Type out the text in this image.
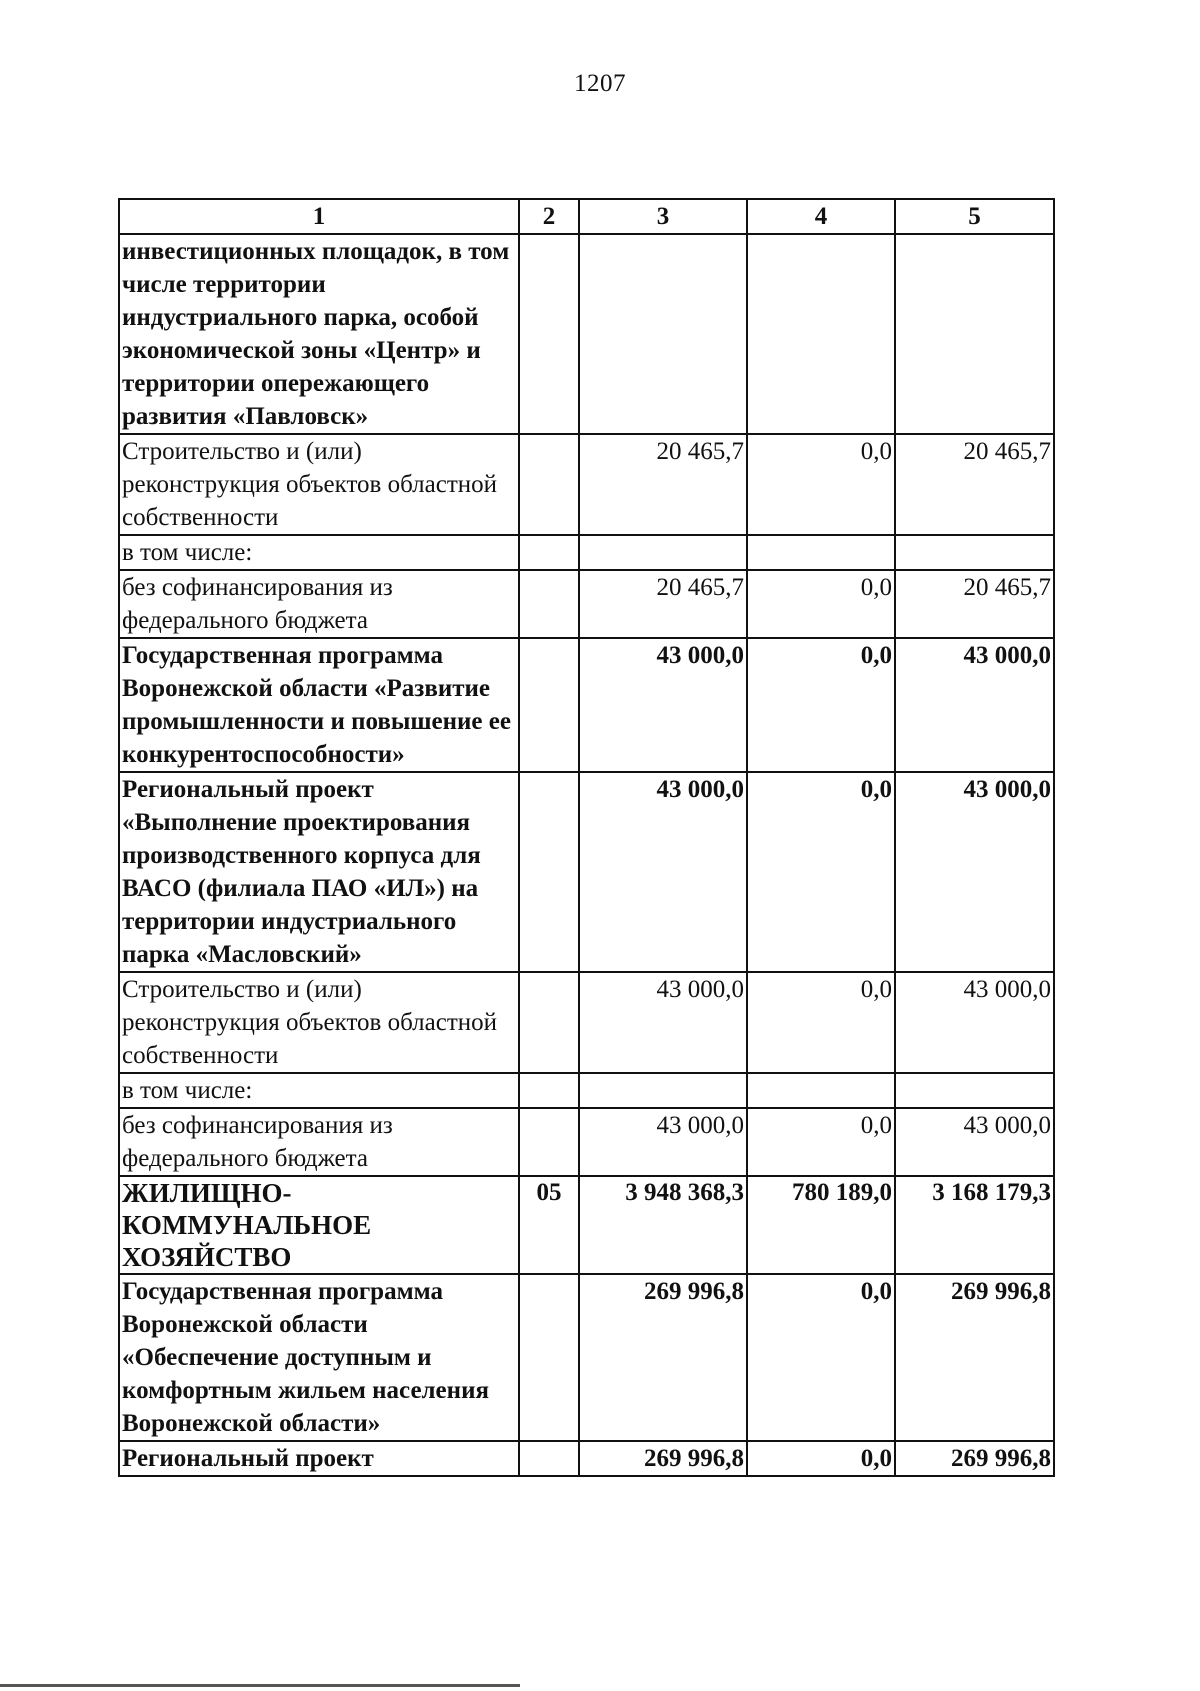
1207
1	2	3	4	5
инвестиционных площадок, в том числе территории индустриального парка, особой экономической зоны «Центр» и территории опережающего развития «Павловск»				
Строительство и (или) реконструкция объектов областной собственности		20 465,7	0,0	20 465,7
в том числе:				
без софинансирования из федерального бюджета		20 465,7	0,0	20 465,7
Государственная программа Воронежской области «Развитие промышленности и повышение ее конкурентоспособности»		43 000,0	0,0	43 000,0
Региональный проект «Выполнение проектирования производственного корпуса для ВАСО (филиала ПАО «ИЛ») на территории индустриального парка «Масловский»		43 000,0	0,0	43 000,0
Строительство и (или) реконструкция объектов областной собственности		43 000,0	0,0	43 000,0
в том числе:				
без софинансирования из федерального бюджета		43 000,0	0,0	43 000,0
ЖИЛИЩНО-КОММУНАЛЬНОЕ ХОЗЯЙСТВО	05	3 948 368,3	780 189,0	3 168 179,3
Государственная программа Воронежской области «Обеспечение доступным и комфортным жильем населения Воронежской области»		269 996,8	0,0	269 996,8
Региональный проект		269 996,8	0,0	269 996,8
